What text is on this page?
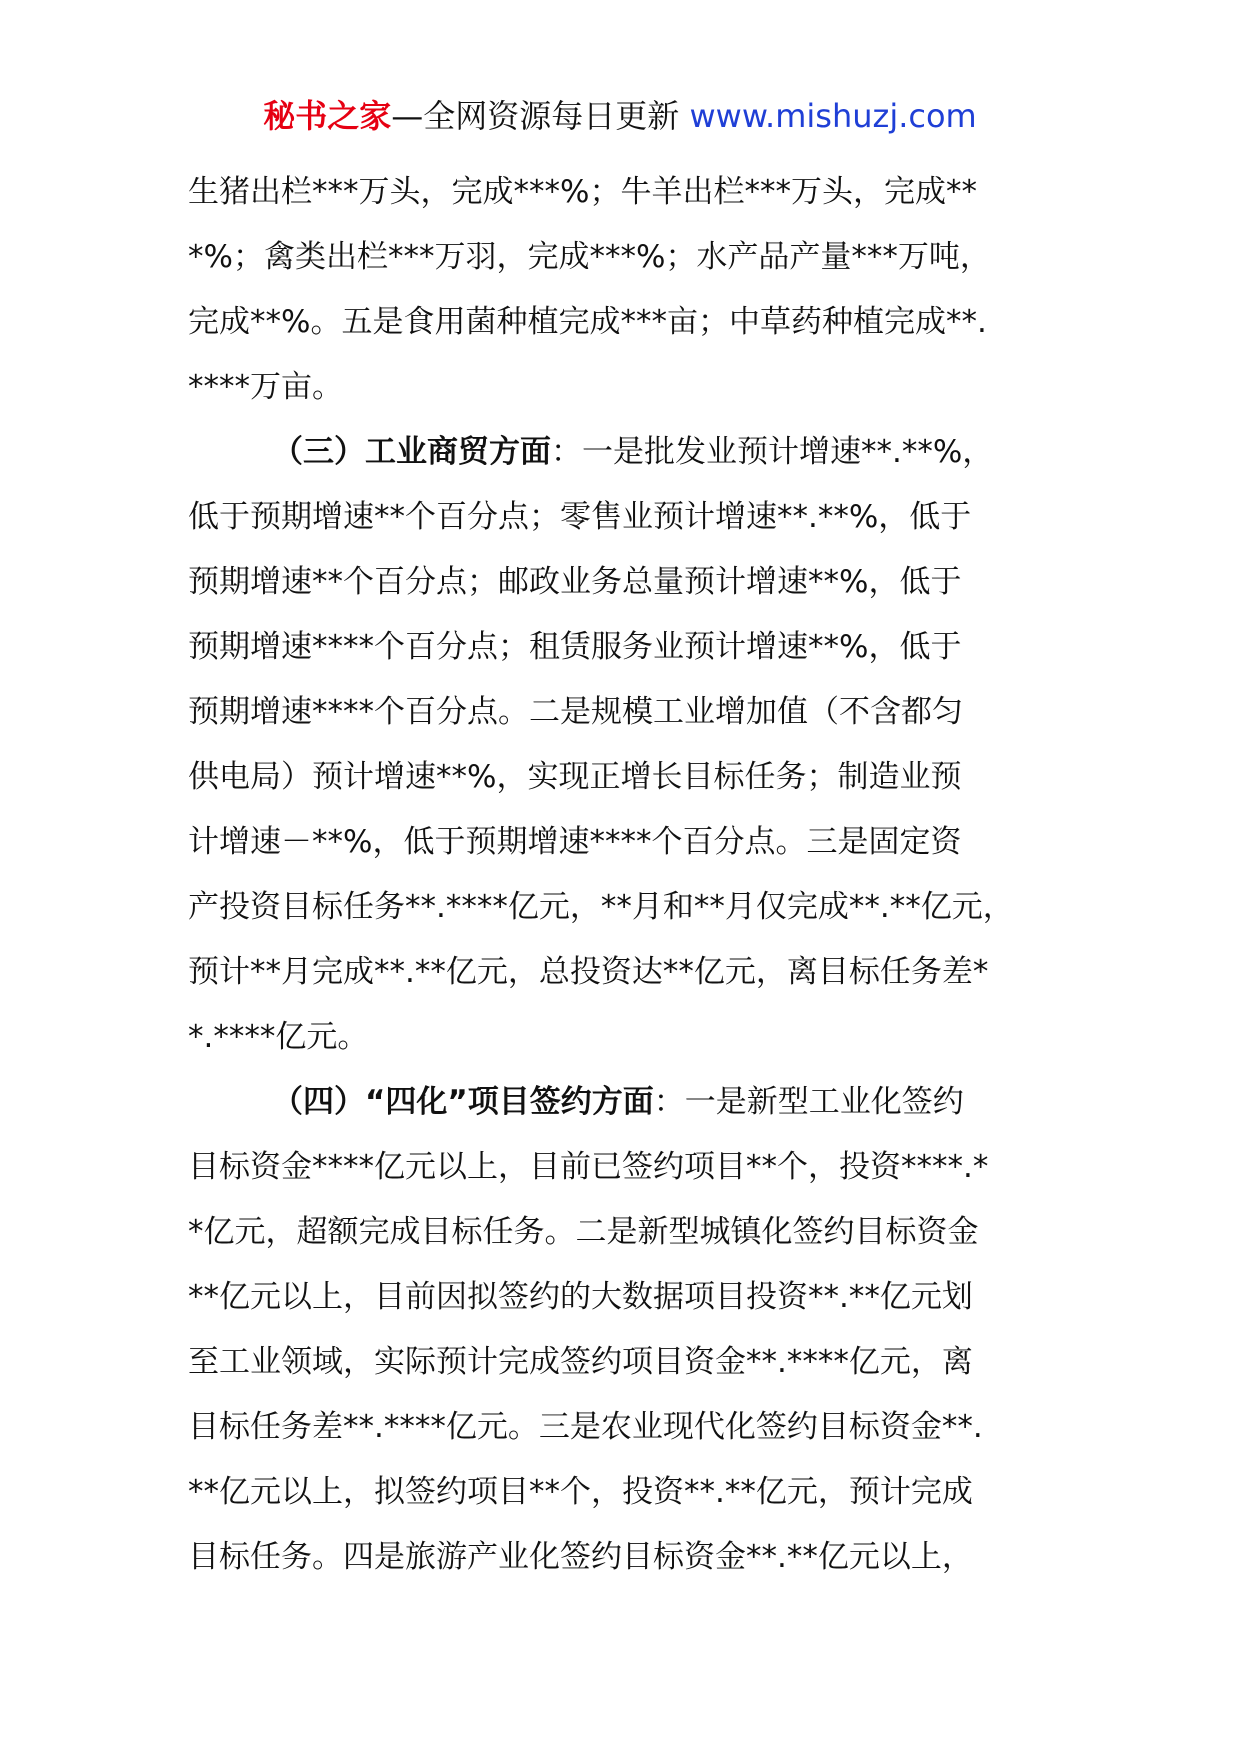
秘书之家—全网资源每日更新 www.mishuzj.com
生猪出栏***万头，完成***%；牛羊出栏***万头，完成**
*%；禽类出栏***万羽，完成***%；水产品产量***万吨，
完成**%。五是食用菌种植完成***亩；中草药种植完成**.
****万亩。
（三）工业商贸方面：一是批发业预计增速**.**%，
低于预期增速**个百分点；零售业预计增速**.**%，低于
预期增速**个百分点；邮政业务总量预计增速**%，低于
预期增速****个百分点；租赁服务业预计增速**%，低于
预期增速****个百分点。二是规模工业增加值（不含都匀
供电局）预计增速**%，实现正增长目标任务；制造业预
计增速－**%，低于预期增速****个百分点。三是固定资
产投资目标任务**.****亿元，**月和**月仅完成**.**亿元，
预计**月完成**.**亿元，总投资达**亿元，离目标任务差*
*.****亿元。
（四）“四化”项目签约方面：一是新型工业化签约
目标资金****亿元以上，目前已签约项目**个，投资****.*
*亿元，超额完成目标任务。二是新型城镇化签约目标资金
**亿元以上，目前因拟签约的大数据项目投资**.**亿元划
至工业领域，实际预计完成签约项目资金**.****亿元，离
目标任务差**.****亿元。三是农业现代化签约目标资金**.
**亿元以上，拟签约项目**个，投资**.**亿元，预计完成
目标任务。四是旅游产业化签约目标资金**.**亿元以上，
